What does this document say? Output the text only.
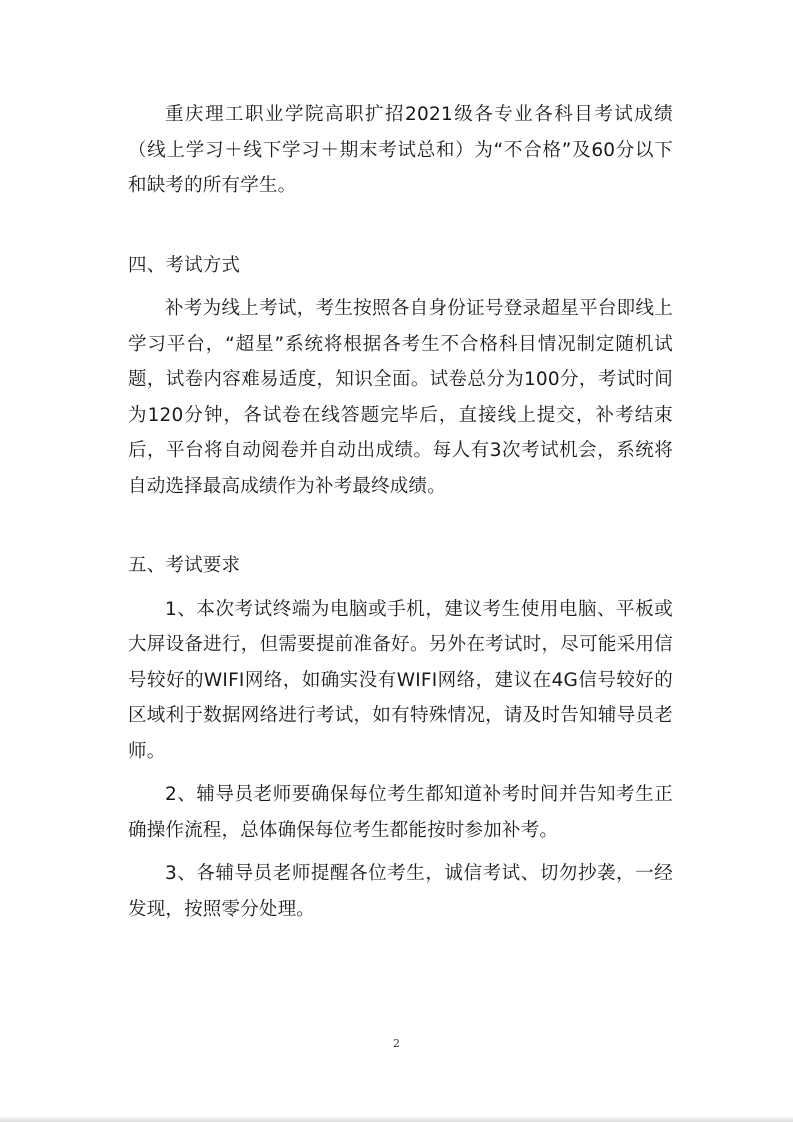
重庆理工职业学院高职扩招2021级各专业各科目考试成绩（线上学习＋线下学习＋期末考试总和）为“不合格”及60分以下和缺考的所有学生。

四、考试方式

补考为线上考试，考生按照各自身份证号登录超星平台即线上学习平台，“超星”系统将根据各考生不合格科目情况制定随机试题，试卷内容难易适度，知识全面。试卷总分为100分，考试时间为120分钟，各试卷在线答题完毕后，直接线上提交，补考结束后，平台将自动阅卷并自动出成绩。每人有3次考试机会，系统将自动选择最高成绩作为补考最终成绩。

五、考试要求

1、本次考试终端为电脑或手机，建议考生使用电脑、平板或大屏设备进行，但需要提前准备好。另外在考试时，尽可能采用信号较好的WIFI网络，如确实没有WIFI网络，建议在4G信号较好的区域利于数据网络进行考试，如有特殊情况，请及时告知辅导员老师。

2、辅导员老师要确保每位考生都知道补考时间并告知考生正确操作流程，总体确保每位考生都能按时参加补考。

3、各辅导员老师提醒各位考生，诚信考试、切勿抄袭，一经发现，按照零分处理。

2
